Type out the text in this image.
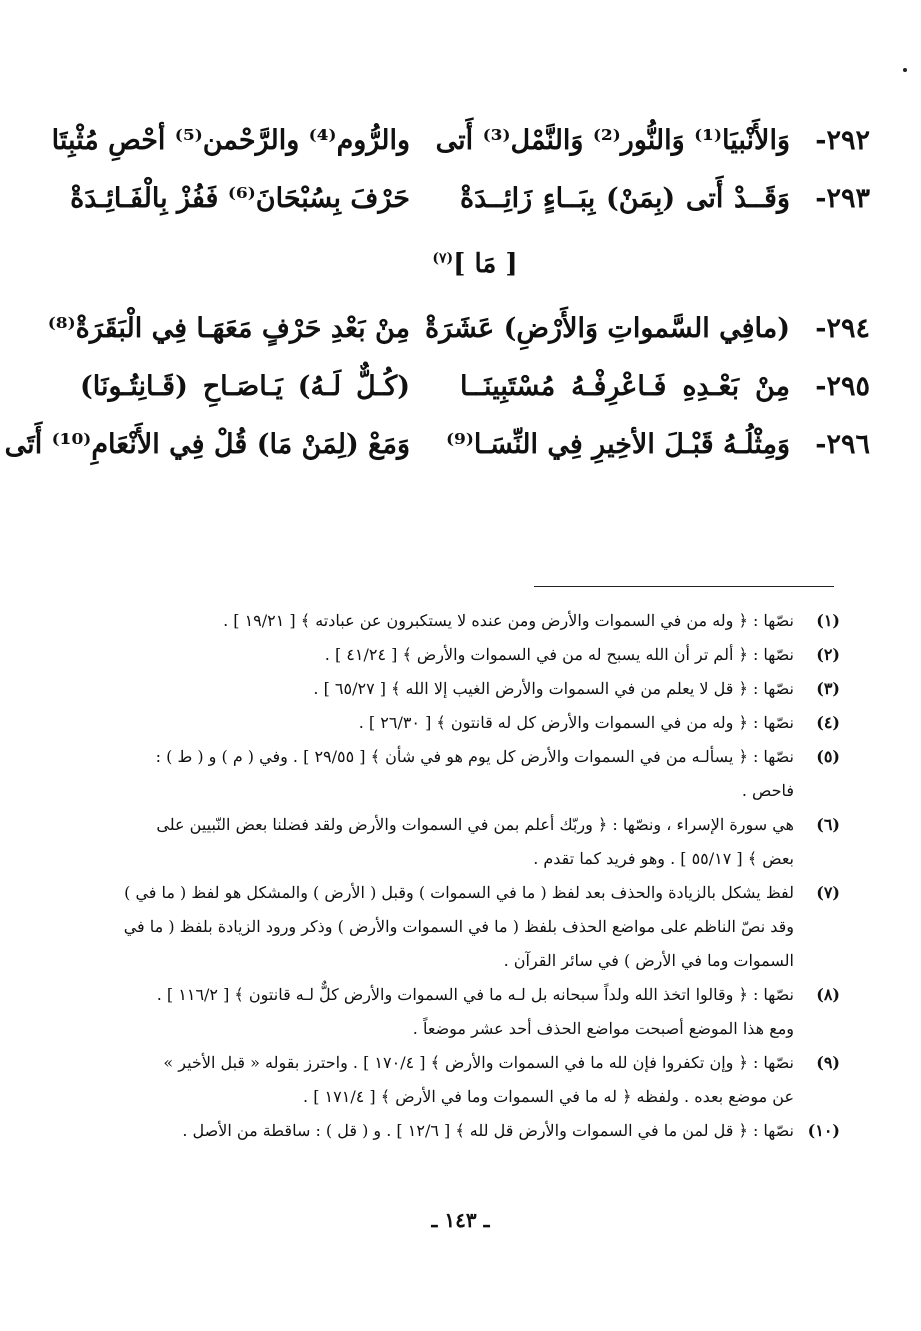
٢٩٢-
وَالأَنْبيَا⁽¹⁾ وَالنُّور⁽²⁾ وَالنَّمْل⁽³⁾ أَتى
والرُّوم⁽⁴⁾ والرَّحْمن⁽⁵⁾ أحْصِ مُثْبِتَا
٢٩٣-
وَقَــدْ أَتى (بِمَنْ) بِبَــاءٍ زَائِــدَةْ
حَرْفَ بِسُبْحَانَ⁽⁶⁾ فَفُزْ بِالْفَـائِـدَةْ
[ مَا ]$^{(٧)}$
٢٩٤-
(مافِي السَّمواتِ وَالأَرْضِ) عَشَرَةْ
مِنْ بَعْدِ حَرْفٍ مَعَهَـا فِي الْبَقَرَةْ⁽⁸⁾
٢٩٥-
مِنْ بَعْـدِهِ فَـاعْرِفْـهُ مُسْتَبِينَــا
(كُـلٌّ لَـهُ) يَـاصَـاحِ (قَـانِتُـونَا)
٢٩٦-
وَمِثْلُـهُ قَبْـلَ الأخِيرِ فِي النِّسَـا⁽⁹⁾
وَمَعْ (لِمَنْ مَا) قُلْ فِي الأَنْعَامِ⁽¹⁰⁾ أَتَى
(١)
نصّها : ﴿ وله من في السموات والأرض ومن عنده لا يستكبرون عن عبادته ﴾ [ ١٩/٢١ ] .
(٢)
نصّها : ﴿ ألم تر أن الله يسبح له من في السموات والأرض ﴾ [ ٤١/٢٤ ] .
(٣)
نصّها : ﴿ قل لا يعلم من في السموات والأرض الغيب إلا الله ﴾ [ ٦٥/٢٧ ] .
(٤)
نصّها : ﴿ وله من في السموات والأرض كل له قانتون ﴾ [ ٢٦/٣٠ ] .
(٥)
نصّها : ﴿ يسألـه من في السموات والأرض كل يوم هو في شأن ﴾ [ ٢٩/٥٥ ] . وفي ( م ) و ( ط ) :
فاحص .
(٦)
هي سورة الإسراء ، ونصّها : ﴿ وربّك أعلم بمن في السموات والأرض ولقد فضلنا بعض النّبيين على
بعض ﴾ [ ٥٥/١٧ ] . وهو فريد كما تقدم .
(٧)
لفظ يشكل بالزيادة والحذف بعد لفظ ( ما في السموات ) وقبل ( الأرض ) والمشكل هو لفظ ( ما في )
وقد نصّ الناظم على مواضع الحذف بلفظ ( ما في السموات والأرض ) وذكر ورود الزيادة بلفظ ( ما في
السموات وما في الأرض ) في سائر القرآن .
(٨)
نصّها : ﴿ وقالوا اتخذ الله ولداً سبحانه بل لـه ما في السموات والأرض كلٌّ لـه قانتون ﴾ [ ١١٦/٢ ] .
ومع هذا الموضع أصبحت مواضع الحذف أحد عشر موضعاً .
(٩)
نصّها : ﴿ وإن تكفروا فإن لله ما في السموات والأرض ﴾ [ ١٧٠/٤ ] . واحترز بقوله « قبل الأخير »
عن موضع بعده . ولفظه ﴿ له ما في السموات وما في الأرض ﴾ [ ١٧١/٤ ] .
(١٠)
نصّها : ﴿ قل لمن ما في السموات والأرض قل لله ﴾ [ ١٢/٦ ] . و ( قل ) : ساقطة من الأصل .
ـ ١٤٣ ـ
